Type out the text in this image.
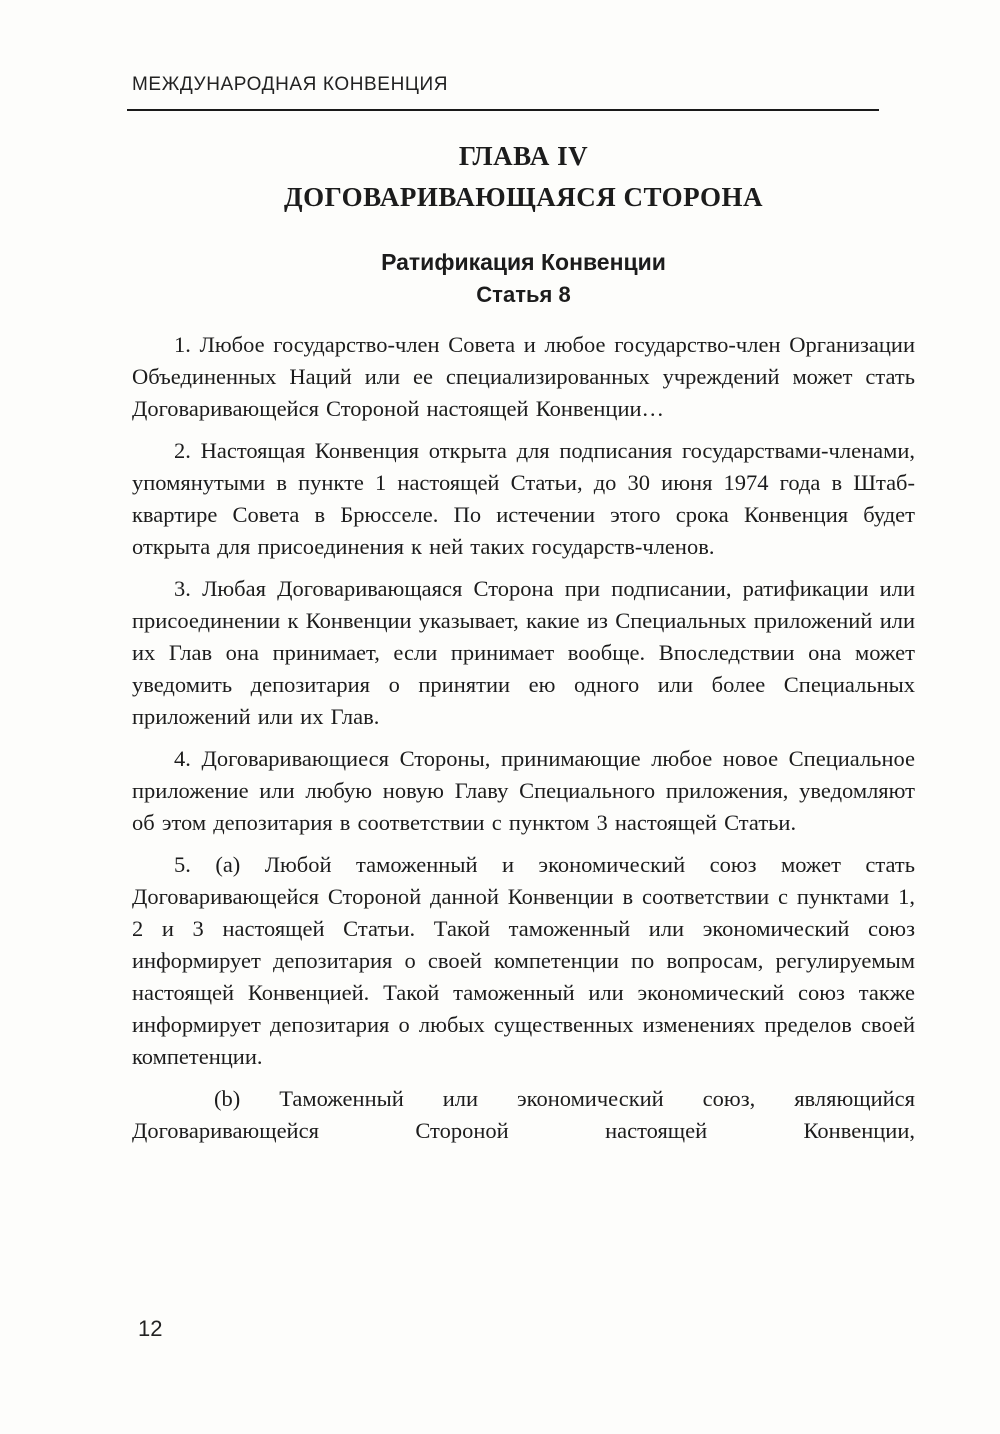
МЕЖДУНАРОДНАЯ КОНВЕНЦИЯ
ГЛАВА IV
ДОГОВАРИВАЮЩАЯСЯ СТОРОНА
Ратификация Конвенции
Статья 8

1. Любое государство-член Совета и любое государство-член Организации Объединенных Наций или ее специализированных учреждений может стать Договаривающейся Стороной настоящей Конвенции…

2. Настоящая Конвенция открыта для подписания государствами-членами, упомянутыми в пункте 1 настоящей Статьи, до 30 июня 1974 года в Штаб-квартире Совета в Брюсселе. По истечении этого срока Конвенция будет открыта для присоединения к ней таких государств-членов.

3. Любая Договаривающаяся Сторона при подписании, ратификации или присоединении к Конвенции указывает, какие из Специальных приложений или их Глав она принимает, если принимает вообще. Впоследствии она может уведомить депозитария о принятии ею одного или более Специальных приложений или их Глав.

4. Договаривающиеся Стороны, принимающие любое новое Специальное приложение или любую новую Главу Специального приложения, уведомляют об этом депозитария в соответствии с пунктом 3 настоящей Статьи.

5. (a) Любой таможенный и экономический союз может стать Договаривающейся Стороной данной Конвенции в соответствии с пунктами 1, 2 и 3 настоящей Статьи. Такой таможенный или экономический союз информирует депозитария о своей компетенции по вопросам, регулируемым настоящей Конвенцией. Такой таможенный или экономический союз также информирует депозитария о любых существенных изменениях пределов своей компетенции.

(b) Таможенный или экономический союз, являющийся Договаривающейся Стороной настоящей Конвенции,

12
